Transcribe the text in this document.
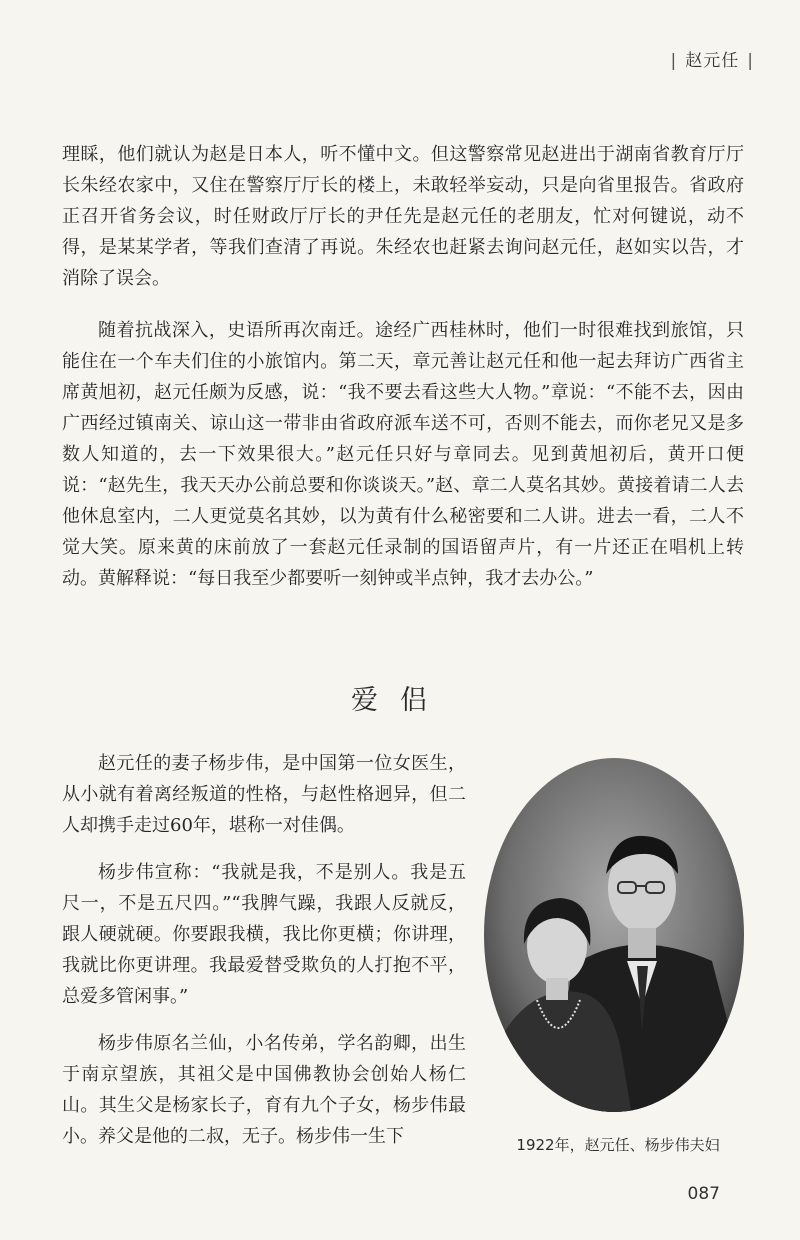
| 赵元任 |

理睬，他们就认为赵是日本人，听不懂中文。但这警察常见赵进出于湖南省教育厅厅长朱经农家中，又住在警察厅厅长的楼上，未敢轻举妄动，只是向省里报告。省政府正召开省务会议，时任财政厅厅长的尹任先是赵元任的老朋友，忙对何键说，动不得，是某某学者，等我们查清了再说。朱经农也赶紧去询问赵元任，赵如实以告，才消除了误会。

随着抗战深入，史语所再次南迁。途经广西桂林时，他们一时很难找到旅馆，只能住在一个车夫们住的小旅馆内。第二天，章元善让赵元任和他一起去拜访广西省主席黄旭初，赵元任颇为反感，说：“我不要去看这些大人物。”章说：“不能不去，因由广西经过镇南关、谅山这一带非由省政府派车送不可，否则不能去，而你老兄又是多数人知道的，去一下效果很大。”赵元任只好与章同去。见到黄旭初后，黄开口便说：“赵先生，我天天办公前总要和你谈谈天。”赵、章二人莫名其妙。黄接着请二人去他休息室内，二人更觉莫名其妙，以为黄有什么秘密要和二人讲。进去一看，二人不觉大笑。原来黄的床前放了一套赵元任录制的国语留声片，有一片还正在唱机上转动。黄解释说：“每日我至少都要听一刻钟或半点钟，我才去办公。”

爱侣

赵元任的妻子杨步伟，是中国第一位女医生，从小就有着离经叛道的性格，与赵性格迥异，但二人却携手走过60年，堪称一对佳偶。

杨步伟宣称：“我就是我，不是别人。我是五尺一，不是五尺四。”“我脾气躁，我跟人反就反，跟人硬就硬。你要跟我横，我比你更横；你讲理，我就比你更讲理。我最爱替受欺负的人打抱不平，总爱多管闲事。”

杨步伟原名兰仙，小名传弟，学名韵卿，出生于南京望族，其祖父是中国佛教协会创始人杨仁山。其生父是杨家长子，育有九个子女，杨步伟最小。养父是他的二叔，无子。杨步伟一生下	1922年，赵元任、杨步伟夫妇
087
